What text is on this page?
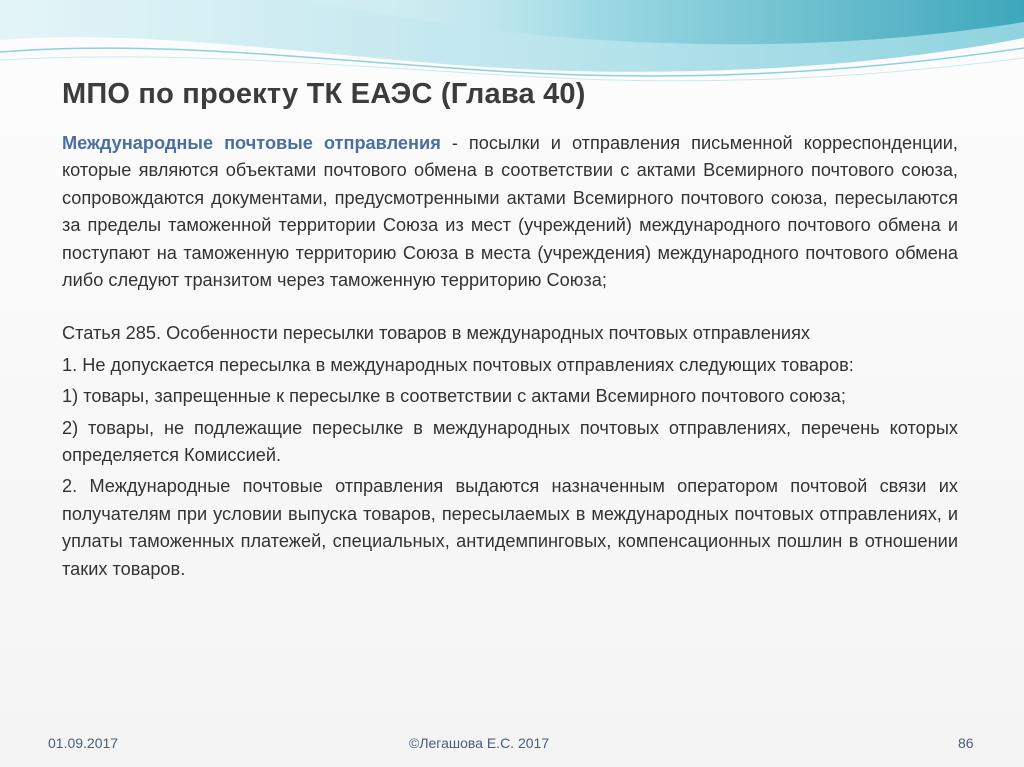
МПО по проекту ТК ЕАЭС (Глава 40)

Международные почтовые отправления - посылки и отправления письменной корреспонденции, которые являются объектами почтового обмена в соответствии с актами Всемирного почтового союза, сопровождаются документами, предусмотренными актами Всемирного почтового союза, пересылаются за пределы таможенной территории Союза из мест (учреждений) международного почтового обмена и поступают на таможенную территорию Союза в места (учреждения) международного почтового обмена либо следуют транзитом через таможенную территорию Союза;

Статья 285. Особенности пересылки товаров в международных почтовых отправлениях

1. Не допускается пересылка в международных почтовых отправлениях следующих товаров:

1) товары, запрещенные к пересылке в соответствии с актами Всемирного почтового союза;

2) товары, не подлежащие пересылке в международных почтовых отправлениях, перечень которых определяется Комиссией.

2. Международные почтовые отправления выдаются назначенным оператором почтовой связи их получателям при условии выпуска товаров, пересылаемых в международных почтовых отправлениях, и уплаты таможенных платежей, специальных, антидемпинговых, компенсационных пошлин в отношении таких товаров.

01.09.2017	©Легашова Е.С. 2017	86
